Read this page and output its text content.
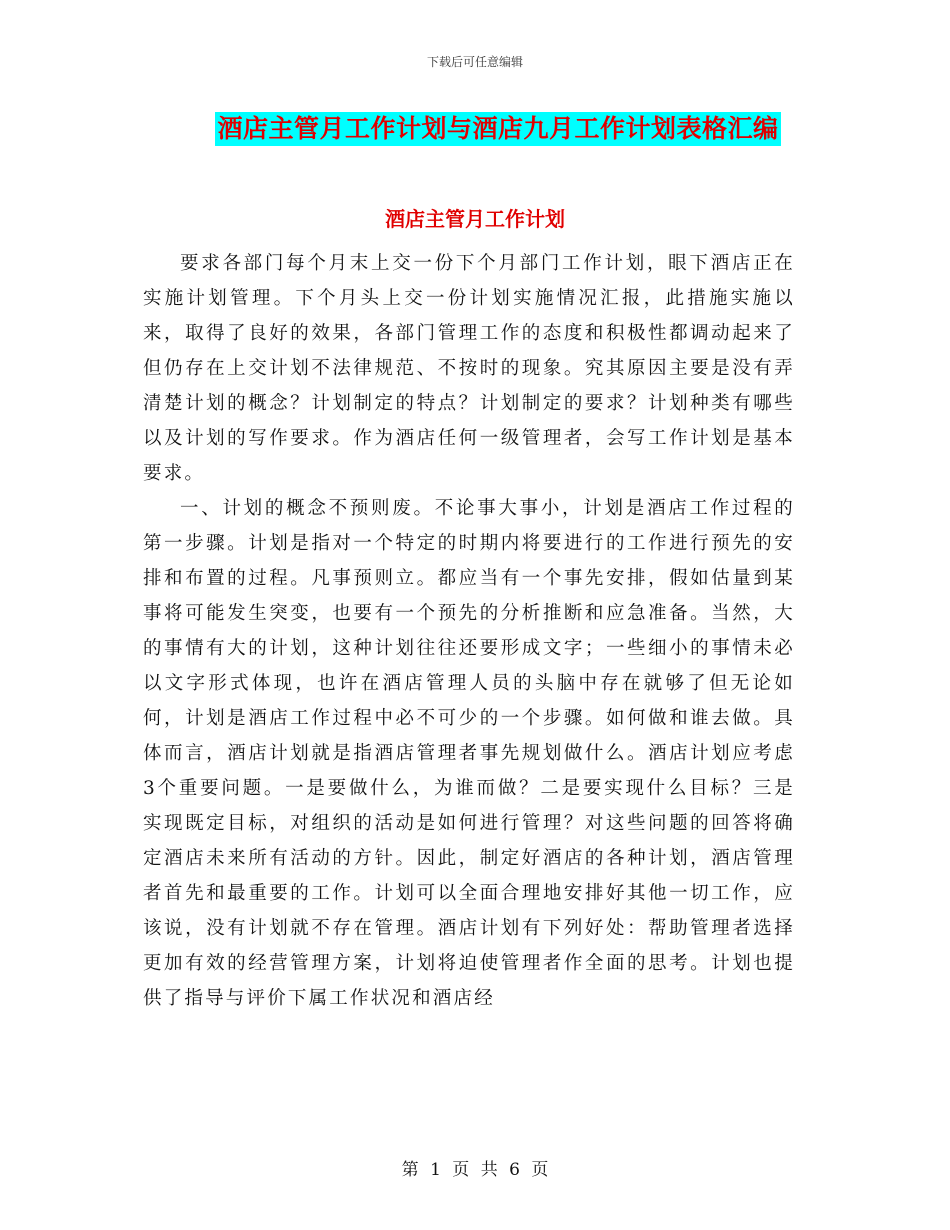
下载后可任意编辑
酒店主管月工作计划与酒店九月工作计划表格汇编
酒店主管月工作计划

要求各部门每个月末上交一份下个月部门工作计划，眼下酒店正在实施计划管理。下个月头上交一份计划实施情况汇报，此措施实施以来，取得了良好的效果，各部门管理工作的态度和积极性都调动起来了但仍存在上交计划不法律规范、不按时的现象。究其原因主要是没有弄清楚计划的概念？计划制定的特点？计划制定的要求？计划种类有哪些以及计划的写作要求。作为酒店任何一级管理者，会写工作计划是基本要求。

一、计划的概念不预则废。不论事大事小，计划是酒店工作过程的第一步骤。计划是指对一个特定的时期内将要进行的工作进行预先的安排和布置的过程。凡事预则立。都应当有一个事先安排，假如估量到某事将可能发生突变，也要有一个预先的分析推断和应急准备。当然，大的事情有大的计划，这种计划往往还要形成文字；一些细小的事情未必以文字形式体现，也许在酒店管理人员的头脑中存在就够了但无论如何，计划是酒店工作过程中必不可少的一个步骤。如何做和谁去做。具体而言，酒店计划就是指酒店管理者事先规划做什么。酒店计划应考虑3个重要问题。一是要做什么，为谁而做？二是要实现什么目标？三是实现既定目标，对组织的活动是如何进行管理？对这些问题的回答将确定酒店未来所有活动的方针。因此，制定好酒店的各种计划，酒店管理者首先和最重要的工作。计划可以全面合理地安排好其他一切工作，应该说，没有计划就不存在管理。酒店计划有下列好处：帮助管理者选择更加有效的经营管理方案，计划将迫使管理者作全面的思考。计划也提供了指导与评价下属工作状况和酒店经

第 1 页 共 6 页
